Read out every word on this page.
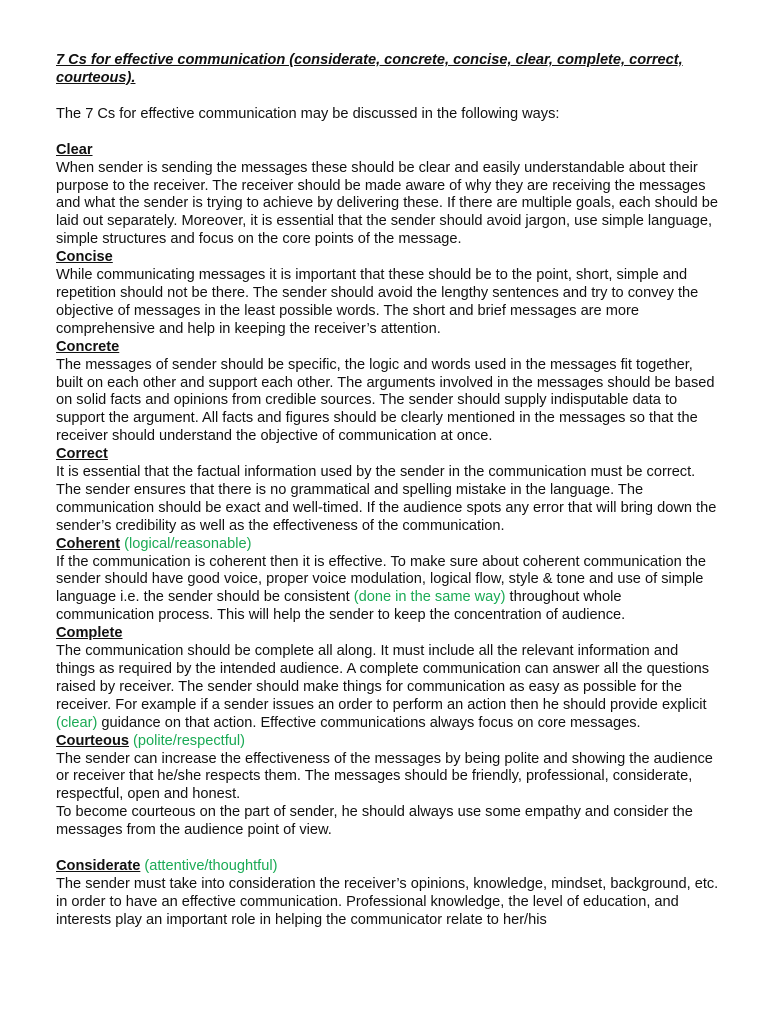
7 Cs for effective communication (considerate, concrete, concise, clear, complete, correct, courteous).
The 7 Cs for effective communication may be discussed in the following ways:
Clear
When sender is sending the messages these should be clear and easily understandable about their purpose to the receiver. The receiver should be made aware of why they are receiving the messages and what the sender is trying to achieve by delivering these. If there are multiple goals, each should be laid out separately. Moreover, it is essential that the sender should avoid jargon, use simple language, simple structures and focus on the core points of the message.
Concise
While communicating messages it is important that these should be to the point, short, simple and repetition should not be there. The sender should avoid the lengthy sentences and try to convey the objective of messages in the least possible words. The short and brief messages are more comprehensive and help in keeping the receiver’s attention.
Concrete
The messages of sender should be specific, the logic and words used in the messages fit together, built on each other and support each other. The arguments involved in the messages should be based on solid facts and opinions from credible sources. The sender should supply indisputable data to support the argument. All facts and figures should be clearly mentioned in the messages so that the receiver should understand the objective of communication at once.
Correct
It is essential that the factual information used by the sender in the communication must be correct. The sender ensures that there is no grammatical and spelling mistake in the language. The communication should be exact and well-timed. If the audience spots any error that will bring down the sender’s credibility as well as the effectiveness of the communication.
Coherent (logical/reasonable)
If the communication is coherent then it is effective. To make sure about coherent communication the sender should have good voice, proper voice modulation, logical flow, style & tone and use of simple language i.e. the sender should be consistent (done in the same way) throughout whole communication process. This will help the sender to keep the concentration of audience.
Complete
The communication should be complete all along. It must include all the relevant information and things as required by the intended audience. A complete communication can answer all the questions raised by receiver. The sender should make things for communication as easy as possible for the receiver. For example if a sender issues an order to perform an action then he should provide explicit (clear) guidance on that action. Effective communications always focus on core messages.
Courteous (polite/respectful)
The sender can increase the effectiveness of the messages by being polite and showing the audience or receiver that he/she respects them. The messages should be friendly, professional, considerate, respectful, open and honest.
To become courteous on the part of sender, he should always use some empathy and consider the messages from the audience point of view.
Considerate (attentive/thoughtful)
The sender must take into consideration the receiver’s opinions, knowledge, mindset, background, etc. in order to have an effective communication. Professional knowledge, the level of education, and interests play an important role in helping the communicator relate to her/his
